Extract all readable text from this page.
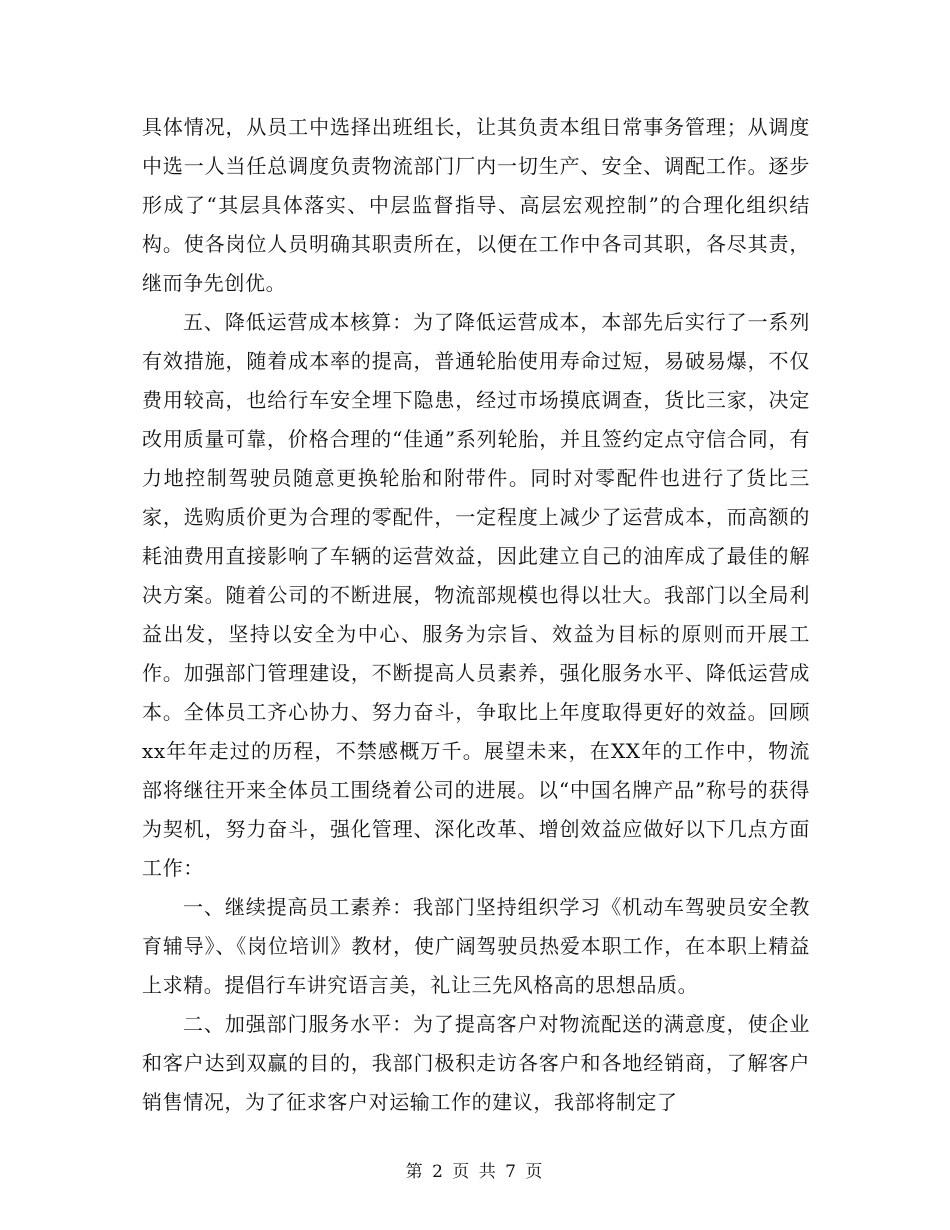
具体情况，从员工中选择出班组长，让其负责本组日常事务管理；从调度中选一人当任总调度负责物流部门厂内一切生产、安全、调配工作。逐步形成了“其层具体落实、中层监督指导、高层宏观控制”的合理化组织结构。使各岗位人员明确其职责所在，以便在工作中各司其职，各尽其责，继而争先创优。

五、降低运营成本核算：为了降低运营成本，本部先后实行了一系列有效措施，随着成本率的提高，普通轮胎使用寿命过短，易破易爆，不仅费用较高，也给行车安全埋下隐患，经过市场摸底调查，货比三家，决定改用质量可靠，价格合理的“佳通”系列轮胎，并且签约定点守信合同，有力地控制驾驶员随意更换轮胎和附带件。同时对零配件也进行了货比三家，选购质价更为合理的零配件，一定程度上减少了运营成本，而高额的耗油费用直接影响了车辆的运营效益，因此建立自己的油库成了最佳的解决方案。随着公司的不断进展，物流部规模也得以壮大。我部门以全局利益出发，坚持以安全为中心、服务为宗旨、效益为目标的原则而开展工作。加强部门管理建设，不断提高人员素养，强化服务水平、降低运营成本。全体员工齐心协力、努力奋斗，争取比上年度取得更好的效益。回顾xx年年走过的历程，不禁感概万千。展望未来，在XX年的工作中，物流部将继往开来全体员工围绕着公司的进展。以“中国名牌产品”称号的获得为契机，努力奋斗，强化管理、深化改革、增创效益应做好以下几点方面工作：

一、继续提高员工素养：我部门坚持组织学习《机动车驾驶员安全教育辅导》、《岗位培训》教材，使广阔驾驶员热爱本职工作，在本职上精益上求精。提倡行车讲究语言美，礼让三先风格高的思想品质。

二、加强部门服务水平：为了提高客户对物流配送的满意度，使企业和客户达到双赢的目的，我部门极积走访各客户和各地经销商，了解客户销售情况，为了征求客户对运输工作的建议，我部将制定了

第 2 页 共 7 页
